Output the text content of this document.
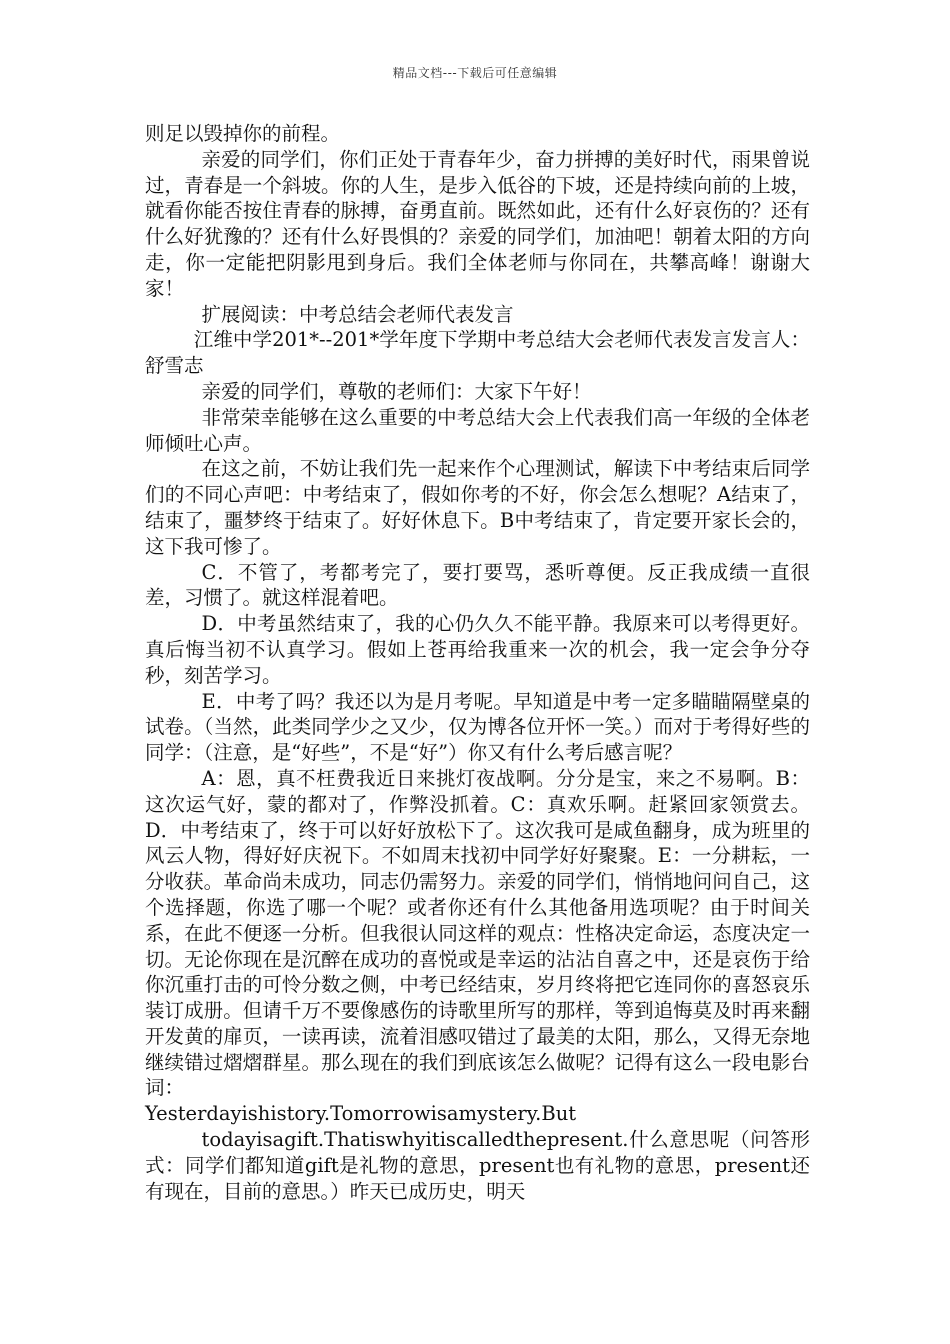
精品文档---下载后可任意编辑

则足以毁掉你的前程。

亲爱的同学们，你们正处于青春年少，奋力拼搏的美好时代，雨果曾说过，青春是一个斜坡。你的人生，是步入低谷的下坡，还是持续向前的上坡，就看你能否按住青春的脉搏，奋勇直前。既然如此，还有什么好哀伤的？还有什么好犹豫的？还有什么好畏惧的？亲爱的同学们，加油吧！朝着太阳的方向走，你一定能把阴影甩到身后。我们全体老师与你同在，共攀高峰！谢谢大家！

扩展阅读：中考总结会老师代表发言

江维中学201*--201*学年度下学期中考总结大会老师代表发言发言人：舒雪志

亲爱的同学们，尊敬的老师们：大家下午好！

非常荣幸能够在这么重要的中考总结大会上代表我们高一年级的全体老师倾吐心声。

在这之前，不妨让我们先一起来作个心理测试，解读下中考结束后同学们的不同心声吧：中考结束了，假如你考的不好，你会怎么想呢？A结束了，结束了，噩梦终于结束了。好好休息下。B中考结束了，肯定要开家长会的，这下我可惨了。

C．不管了，考都考完了，要打要骂，悉听尊便。反正我成绩一直很差，习惯了。就这样混着吧。

D．中考虽然结束了，我的心仍久久不能平静。我原来可以考得更好。真后悔当初不认真学习。假如上苍再给我重来一次的机会，我一定会争分夺秒，刻苦学习。

E．中考了吗？我还以为是月考呢。早知道是中考一定多瞄瞄隔壁桌的试卷。（当然，此类同学少之又少，仅为博各位开怀一笑。）而对于考得好些的同学：（注意，是“好些”，不是“好”）你又有什么考后感言呢？

A：恩，真不枉费我近日来挑灯夜战啊。分分是宝，来之不易啊。B：这次运气好，蒙的都对了，作弊没抓着。C：真欢乐啊。赶紧回家领赏去。D．中考结束了，终于可以好好放松下了。这次我可是咸鱼翻身，成为班里的风云人物，得好好庆祝下。不如周末找初中同学好好聚聚。E：一分耕耘，一分收获。革命尚未成功，同志仍需努力。亲爱的同学们，悄悄地问问自己，这个选择题，你选了哪一个呢？或者你还有什么其他备用选项呢？由于时间关系，在此不便逐一分析。但我很认同这样的观点：性格决定命运，态度决定一切。无论你现在是沉醉在成功的喜悦或是幸运的沾沾自喜之中，还是哀伤于给你沉重打击的可怜分数之侧，中考已经结束，岁月终将把它连同你的喜怒哀乐装订成册。但请千万不要像感伤的诗歌里所写的那样，等到追悔莫及时再来翻开发黄的扉页，一读再读，流着泪感叹错过了最美的太阳，那么，又得无奈地继续错过熠熠群星。那么现在的我们到底该怎么做呢？记得有这么一段电影台词：

Yesterdayishistory.Tomorrowisamystery.But

todayisagift.Thatiswhyitiscalledthepresent.什么意思呢（问答形式：同学们都知道gift是礼物的意思，present也有礼物的意思，present还有现在，目前的意思。）昨天已成历史，明天
